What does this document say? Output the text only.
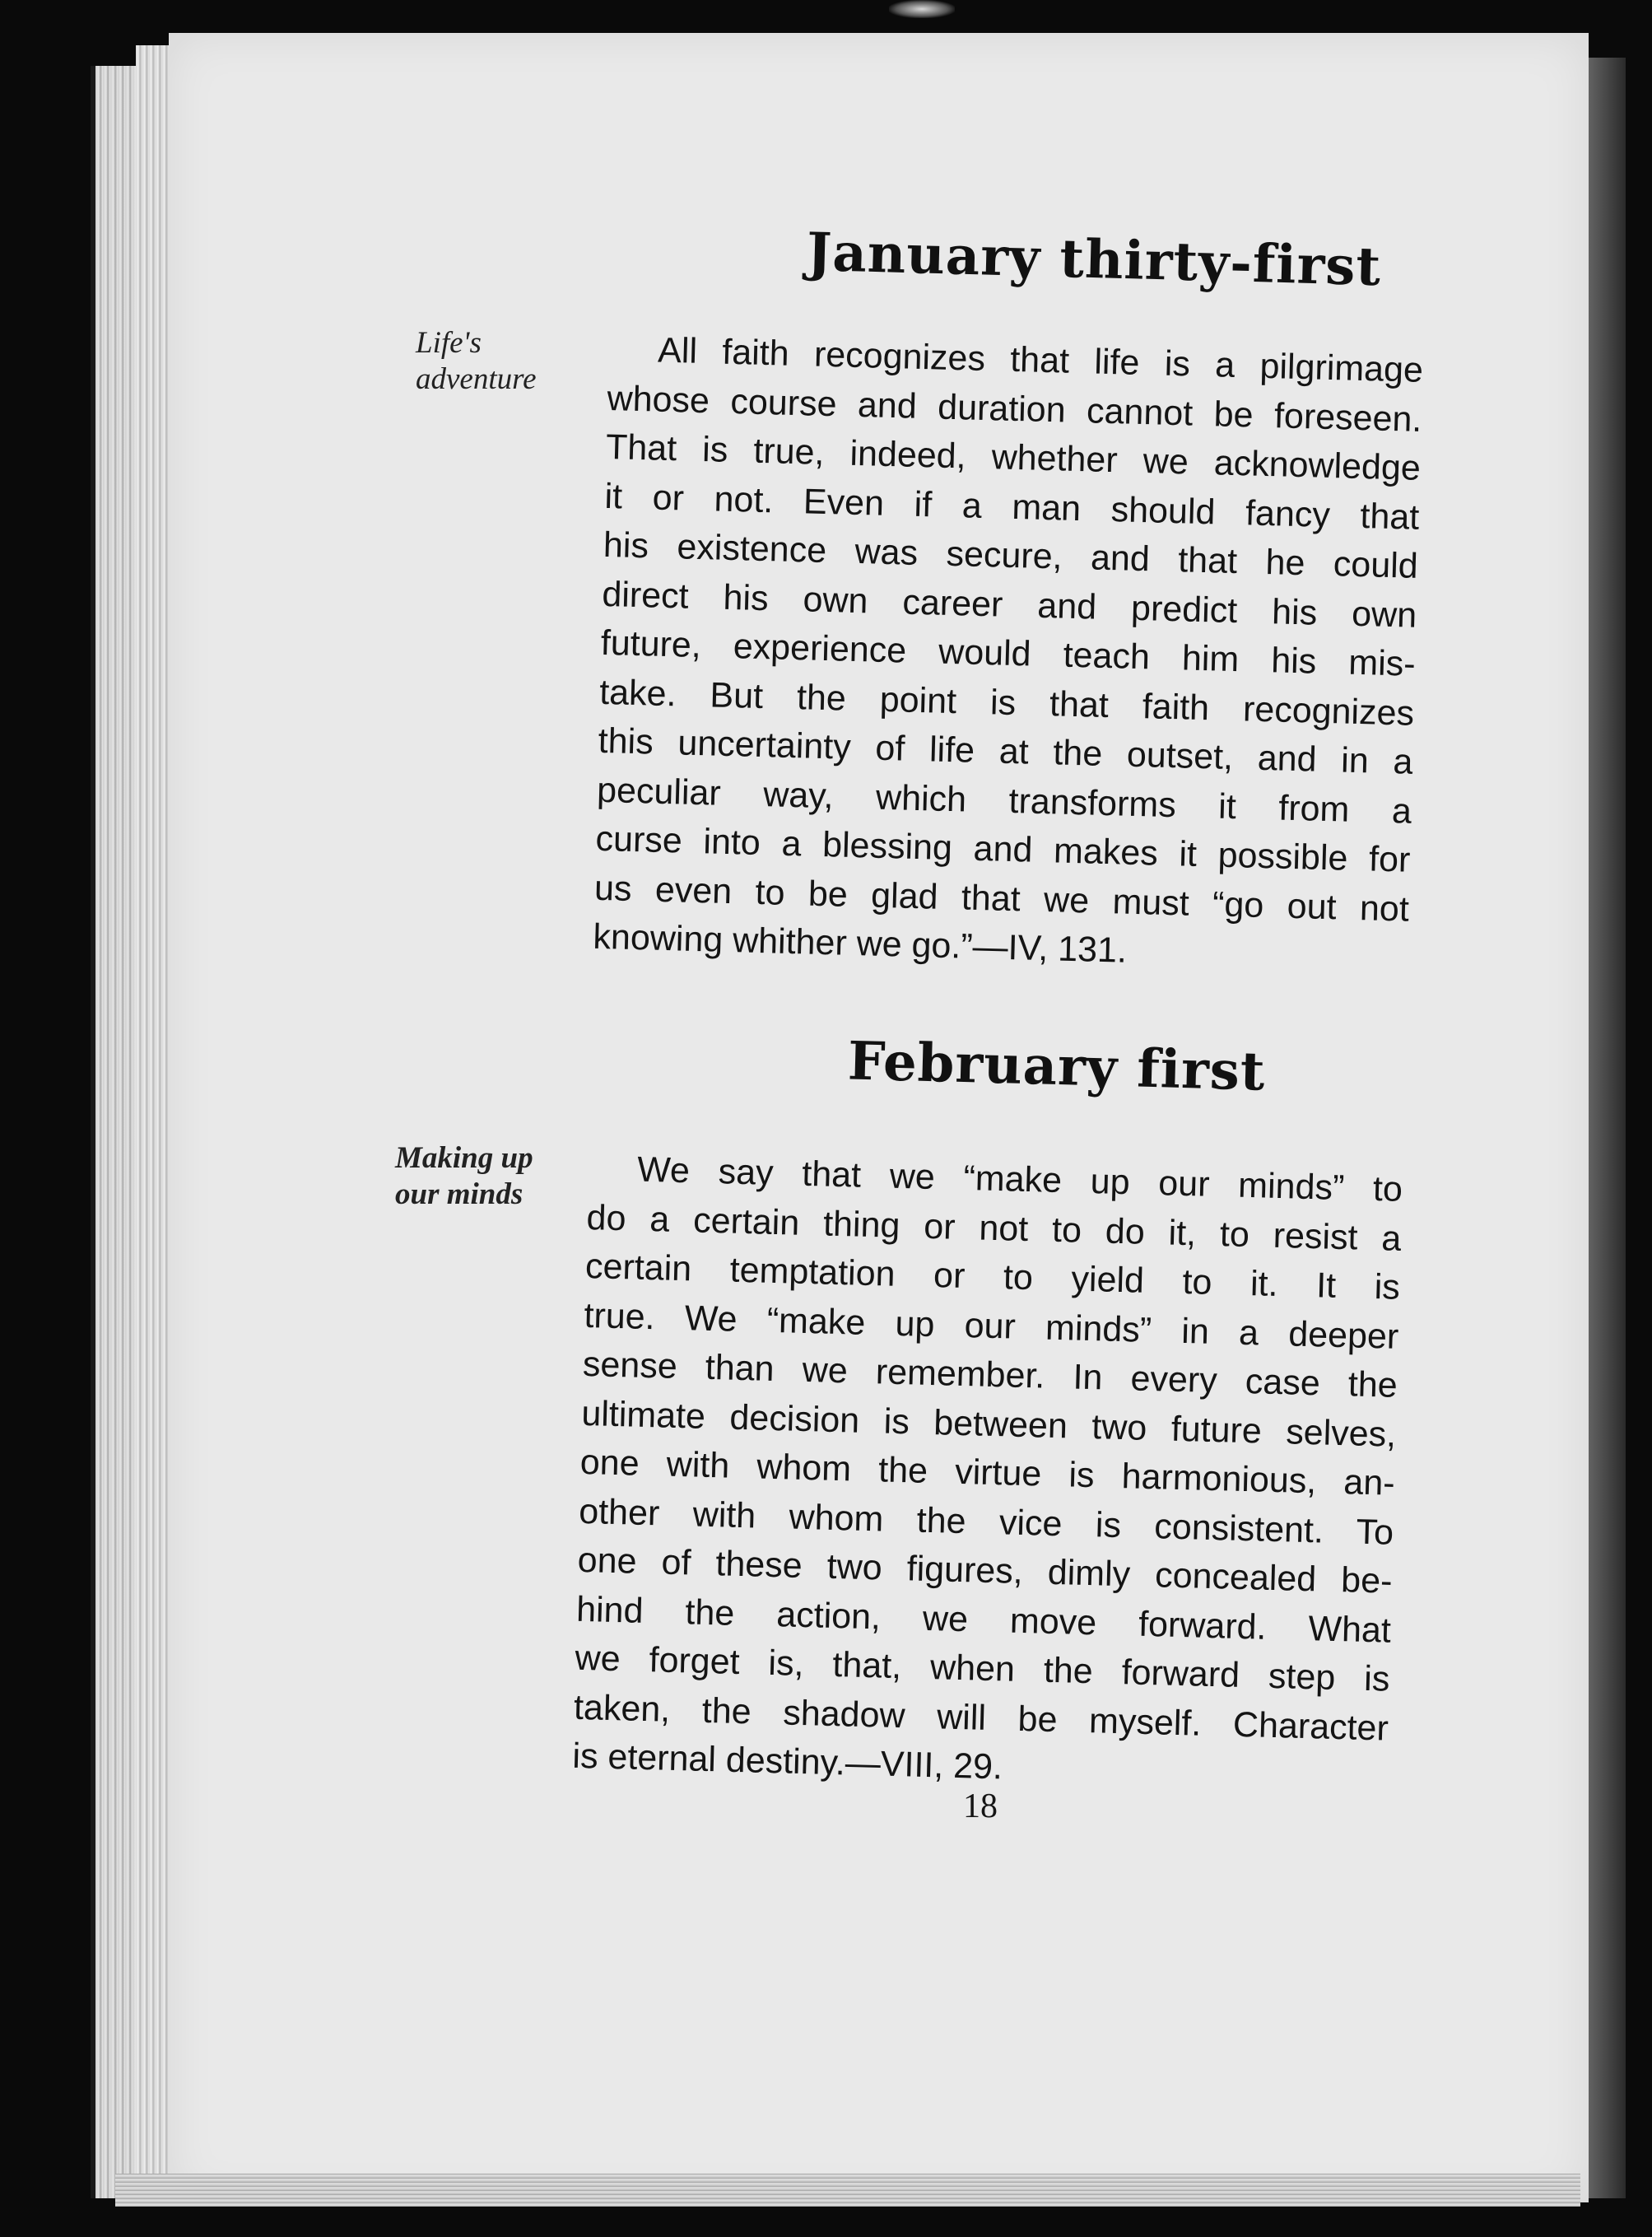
January thirty-first
Life's adventure	All faith recognizes that life is a pilgrimage
whose course and duration cannot be foreseen.
That is true, indeed, whether we acknowledge
it or not. Even if a man should fancy that
his existence was secure, and that he could
direct his own career and predict his own
future, experience would teach him his mis-
take. But the point is that faith recognizes
this uncertainty of life at the outset, and in a
peculiar way, which transforms it from a
curse into a blessing and makes it possible for
us even to be glad that we must “go out not
knowing whither we go.”—IV, 131.
February first
Making up our minds	We say that we “make up our minds” to
do a certain thing or not to do it, to resist a
certain temptation or to yield to it. It is
true. We “make up our minds” in a deeper
sense than we remember. In every case the
ultimate decision is between two future selves,
one with whom the virtue is harmonious, an-
other with whom the vice is consistent. To
one of these two figures, dimly concealed be-
hind the action, we move forward. What
we forget is, that, when the forward step is
taken, the shadow will be myself. Character
is eternal destiny.—VIII, 29.
18
